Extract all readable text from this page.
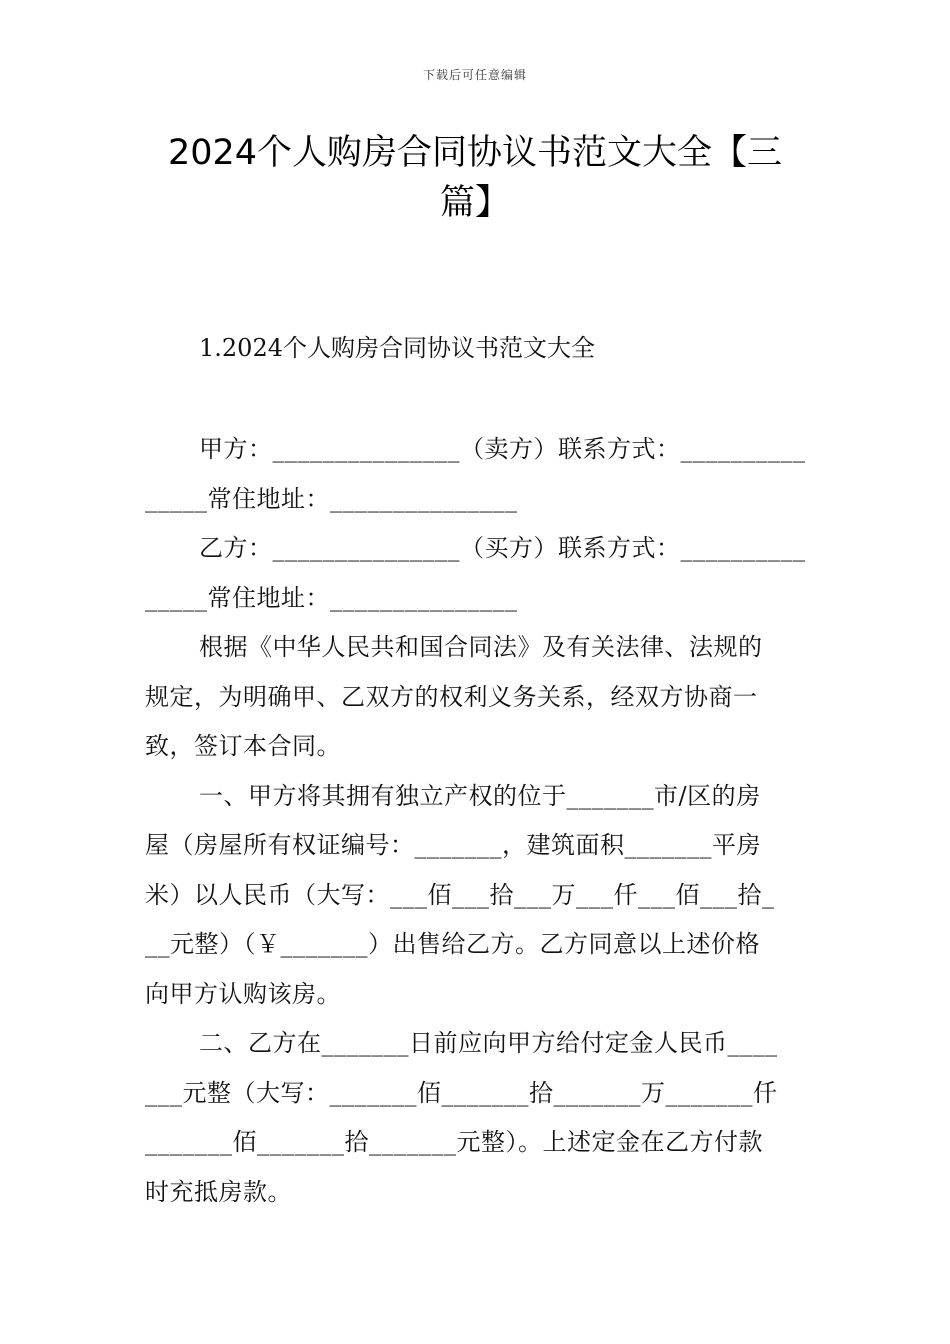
下载后可任意编辑
2024个人购房合同协议书范文大全【三
篇】
1.2024个人购房合同协议书范文大全
甲方：_______________（卖方）联系方式：__________
_____常住地址：_______________
乙方：_______________（买方）联系方式：__________
_____常住地址：_______________
根据《中华人民共和国合同法》及有关法律、法规的
规定，为明确甲、乙双方的权利义务关系，经双方协商一
致，签订本合同。
一、甲方将其拥有独立产权的位于_______市/区的房
屋（房屋所有权证编号：_______，建筑面积_______平房
米）以人民币（大写：___佰___拾___万___仟___佰___拾_
__元整）（￥_______）出售给乙方。乙方同意以上述价格
向甲方认购该房。
二、乙方在_______日前应向甲方给付定金人民币____
___元整（大写：_______佰_______拾_______万_______仟
_______佰_______拾_______元整）。上述定金在乙方付款
时充抵房款。
